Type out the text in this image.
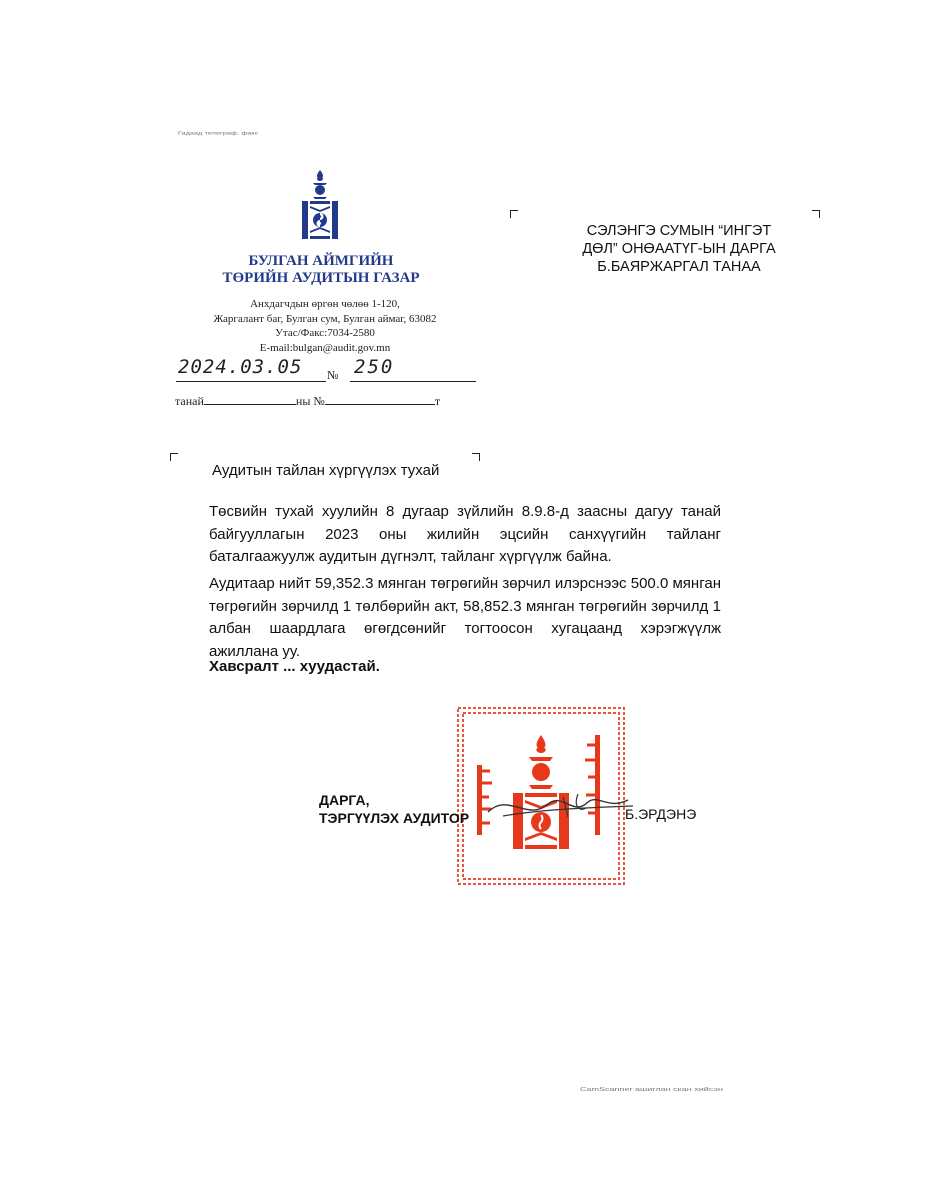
Гадаад телеграф, факс
БУЛГАН АЙМГИЙН
ТӨРИЙН АУДИТЫН ГАЗАР
Анхдагчдын өргөн чөлөө 1-120,
Жаргалант баг, Булган сум, Булган аймаг, 63082
Утас/Факс:7034-2580
E-mail:bulgan@audit.gov.mn
2024.03.05 № 250
танай	ны №	т
СЭЛЭНГЭ СУМЫН “ИНГЭТ
ДӨЛ” ОНӨААТҮГ-ЫН ДАРГА
Б.БАЯРЖАРГАЛ ТАНАА
Аудитын тайлан хүргүүлэх тухай
Төсвийн тухай хуулийн 8 дугаар зүйлийн 8.9.8-д заасны дагуу танай байгууллагын 2023 оны жилийн эцсийн санхүүгийн тайланг баталгаажуулж аудитын дүгнэлт, тайланг хүргүүлж байна.
Аудитаар нийт 59,352.3 мянган төгрөгийн зөрчил илэрснээс 500.0 мянган төгрөгийн зөрчилд 1 төлбөрийн акт, 58,852.3 мянган төгрөгийн зөрчилд 1 албан шаардлага өгөгдсөнийг тогтоосон хугацаанд хэрэгжүүлж ажиллана уу.
Хавсралт ... хуудастай.
ДАРГА,
ТЭРГҮҮЛЭХ АУДИТОР	Б.ЭРДЭНЭ
CamScanner ашиглан скан хийсэн
